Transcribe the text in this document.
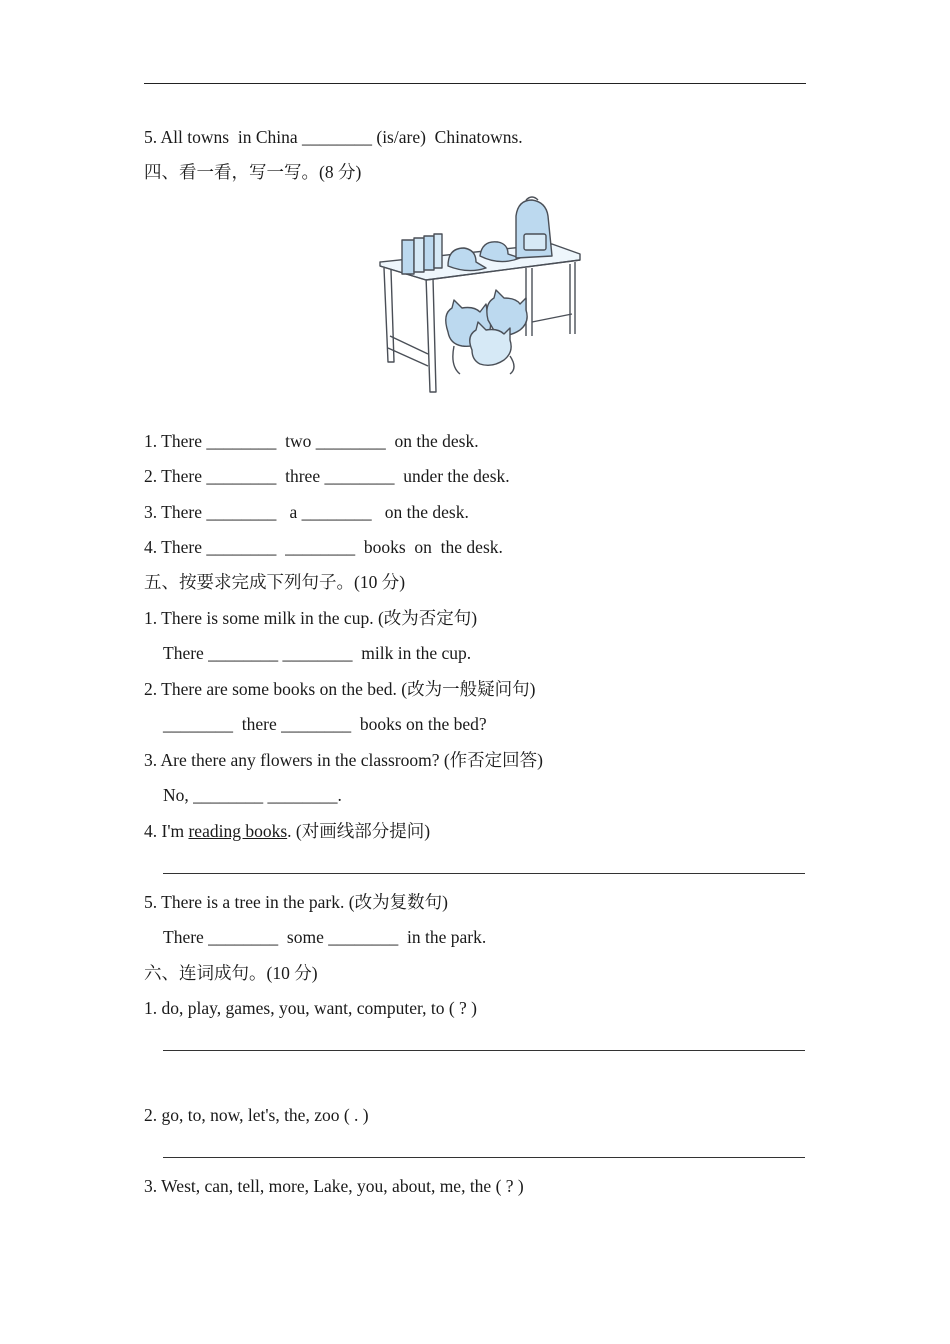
5. All towns  in China ________ (is/are)  Chinatowns.
四、看一看，写一写。(8 分)
1. There ________  two ________  on the desk.
2. There ________  three ________  under the desk.
3. There ________   a ________   on the desk.
4. There ________  ________  books  on  the desk.
五、按要求完成下列句子。(10 分)
1. There is some milk in the cup. (改为否定句)
There ________ ________  milk in the cup.
2. There are some books on the bed. (改为一般疑问句)
________  there ________  books on the bed?
3. Are there any flowers in the classroom? (作否定回答)
No, ________ ________.
4. I'm reading books. (对画线部分提问)
5. There is a tree in the park. (改为复数句)
There ________  some ________  in the park.
六、连词成句。(10 分)
1. do, play, games, you, want, computer, to ( ? )
2. go, to, now, let's, the, zoo ( . )
3. West, can, tell, more, Lake, you, about, me, the ( ? )
